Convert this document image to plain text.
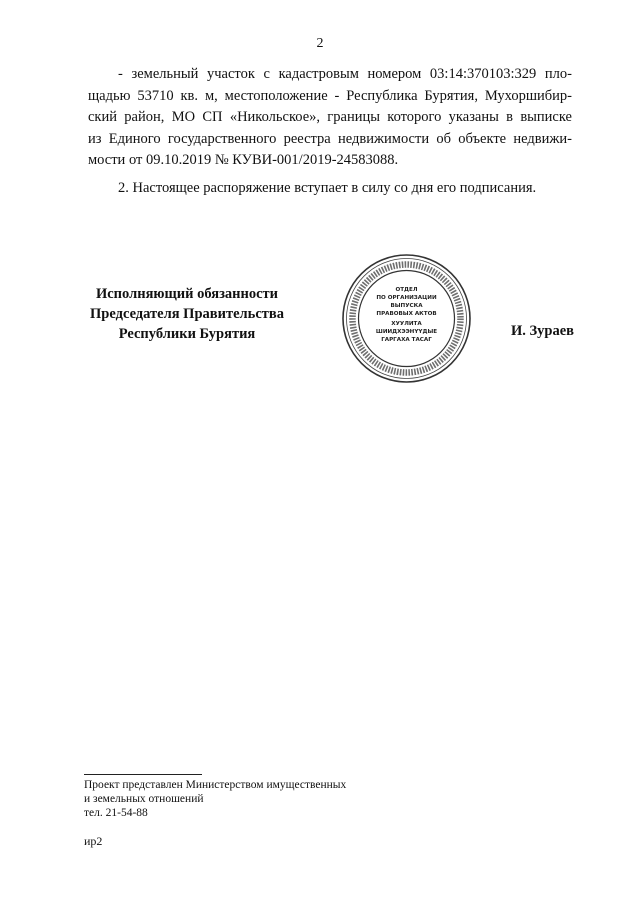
2
- земельный участок с кадастровым номером 03:14:370103:329 пло-
щадью 53710 кв. м, местоположение - Республика Бурятия, Мухоршибир-
ский район, МО СП «Никольское», границы которого указаны в выписке
из Единого государственного реестра недвижимости об объекте недвижи-
мости от 09.10.2019 № КУВИ-001/2019-24583088.
2. Настоящее распоряжение вступает в силу со дня его подписания.
Исполняющий обязанности
Председателя Правительства
Республики Бурятия
ОТДЕЛ
ПО ОРГАНИЗАЦИИ
ВЫПУСКА
ПРАВОВЫХ АКТОВ
ХУУЛИТА
ШИИДХЭЭНҮҮДЫЕ
ГАРГАХА ТАСАГ
И. Зураев
Проект представлен Министерством имущественных
и земельных отношений
тел. 21-54-88
ир2
